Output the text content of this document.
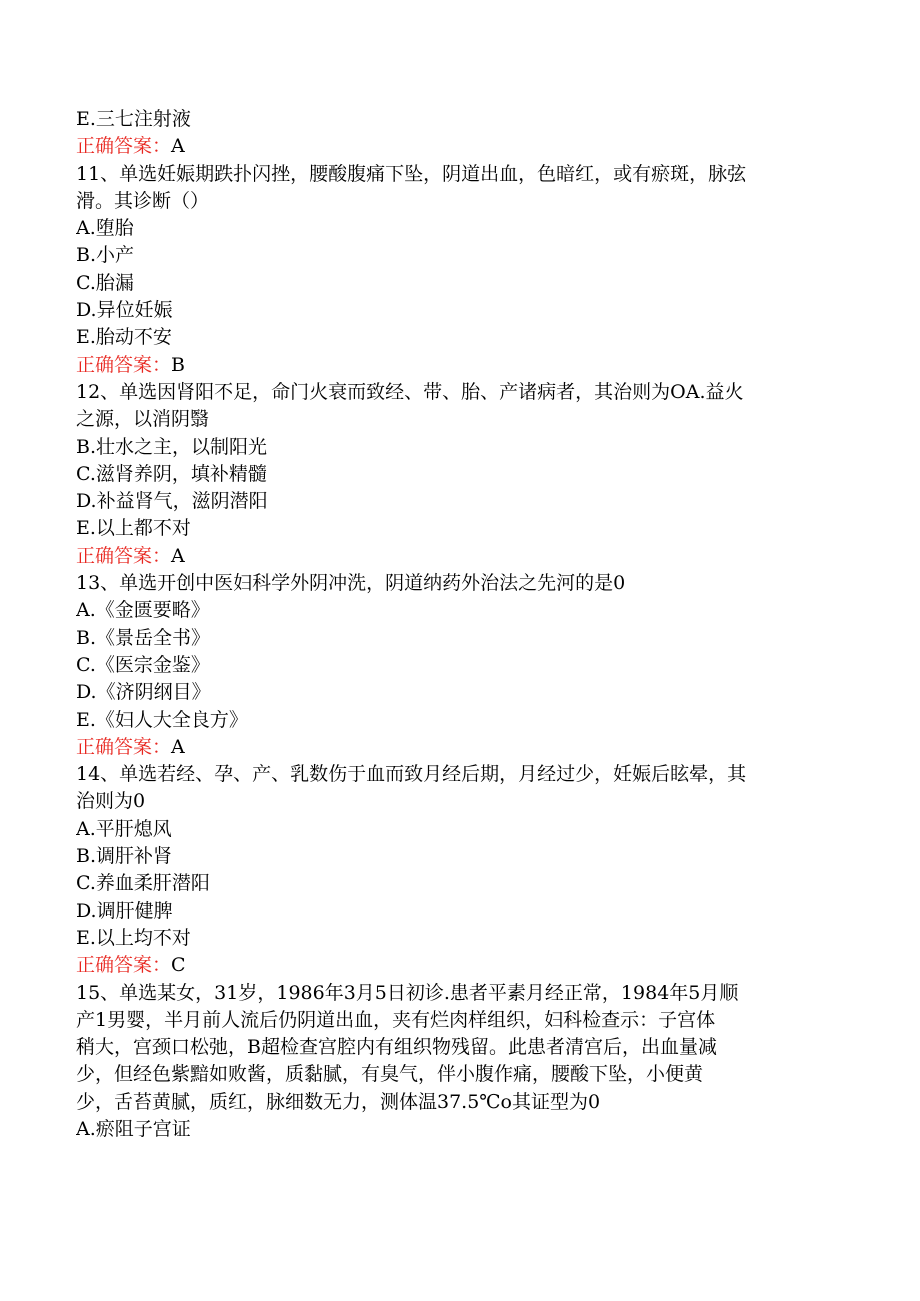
E.三七注射液
正确答案：A
11、单选妊娠期跌扑闪挫，腰酸腹痛下坠，阴道出血，色暗红，或有瘀斑，脉弦
滑。其诊断（）
A.堕胎
B.小产
C.胎漏
D.异位妊娠
E.胎动不安
正确答案：B
12、单选因肾阳不足，命门火衰而致经、带、胎、产诸病者，其治则为OA.益火
之源，以消阴翳
B.壮水之主，以制阳光
C.滋肾养阴，填补精髓
D.补益肾气，滋阴潜阳
E.以上都不对
正确答案：A
13、单选开创中医妇科学外阴冲洗，阴道纳药外治法之先河的是0
A.《金匮要略》
B.《景岳全书》
C.《医宗金鉴》
D.《济阴纲目》
E.《妇人大全良方》
正确答案：A
14、单选若经、孕、产、乳数伤于血而致月经后期，月经过少，妊娠后眩晕，其
治则为0
A.平肝熄风
B.调肝补肾
C.养血柔肝潜阳
D.调肝健脾
E.以上均不对
正确答案：C
15、单选某女，31岁，1986年3月5日初诊.患者平素月经正常，1984年5月顺
产1男婴，半月前人流后仍阴道出血，夹有烂肉样组织，妇科检查示：子宫体
稍大，宫颈口松弛，B超检查宫腔内有组织物残留。此患者清宫后，出血量减
少，但经色紫黯如败酱，质黏腻，有臭气，伴小腹作痛，腰酸下坠，小便黄
少，舌苔黄腻，质红，脉细数无力，测体温37.5℃o其证型为0
A.瘀阻子宫证
